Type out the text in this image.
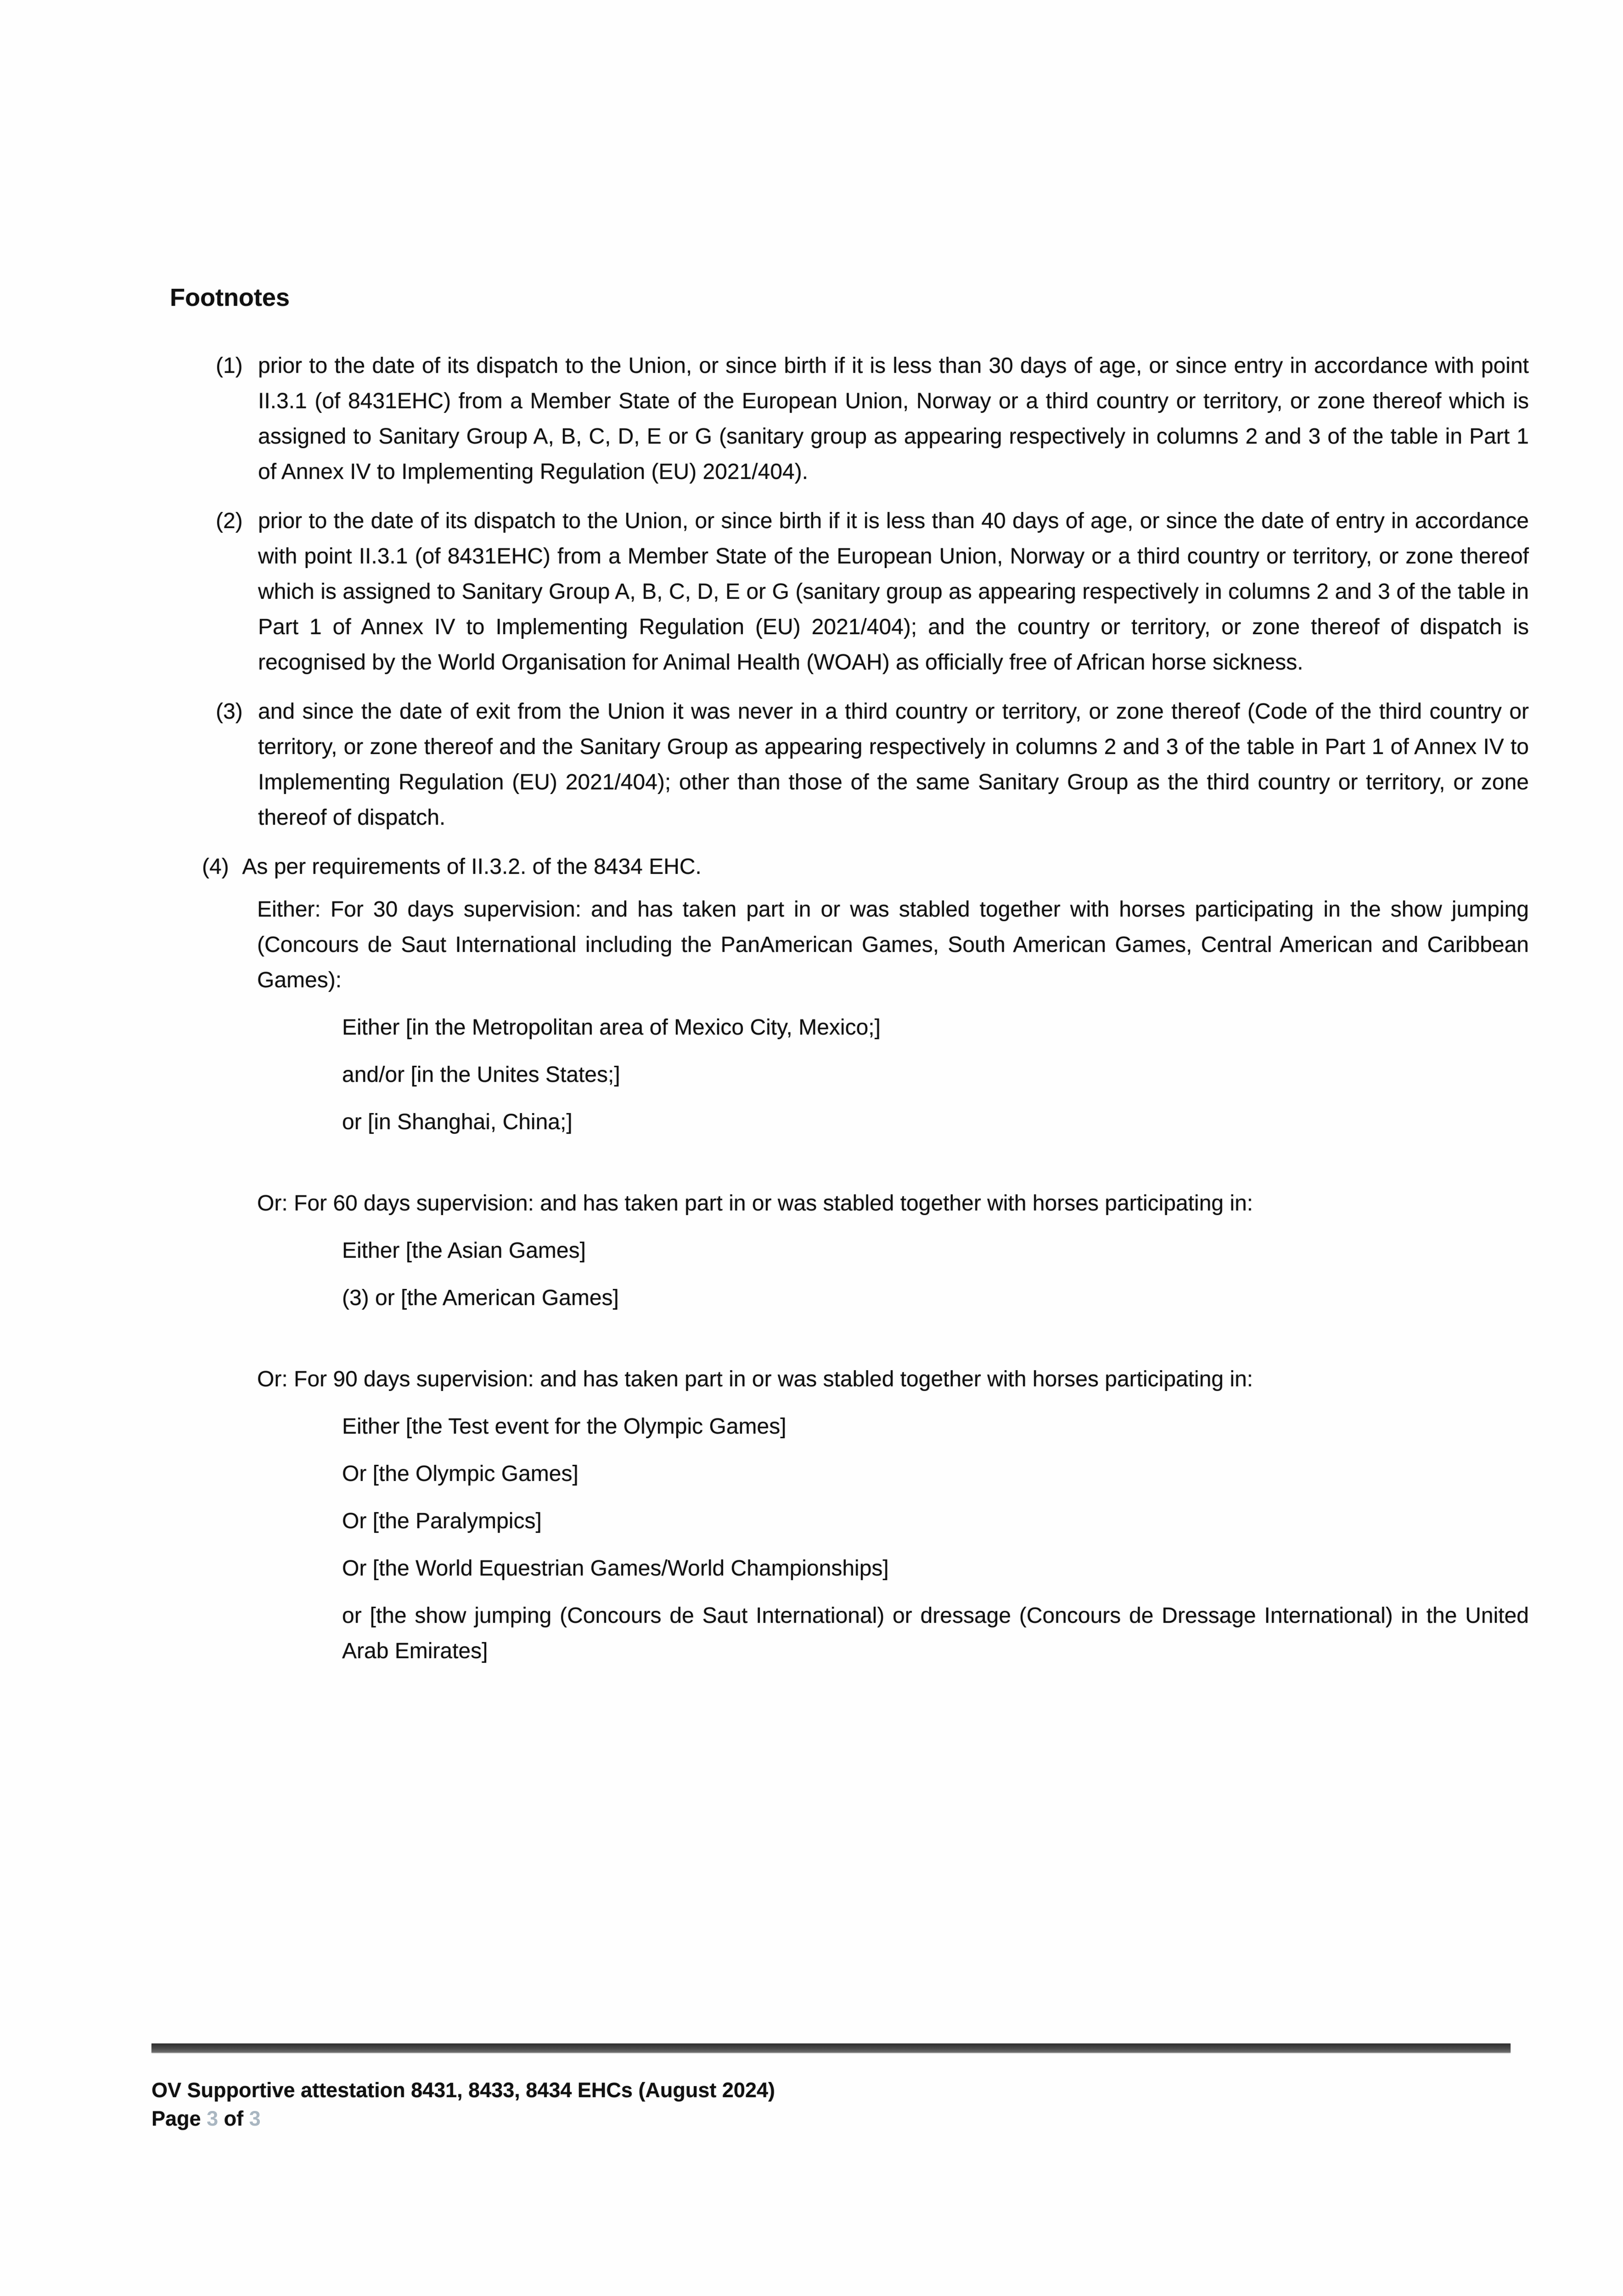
Footnotes
(1) prior to the date of its dispatch to the Union, or since birth if it is less than 30 days of age, or since entry in accordance with point II.3.1 (of 8431EHC) from a Member State of the European Union, Norway or a third country or territory, or zone thereof which is assigned to Sanitary Group A, B, C, D, E or G (sanitary group as appearing respectively in columns 2 and 3 of the table in Part 1 of Annex IV to Implementing Regulation (EU) 2021/404).

(2) prior to the date of its dispatch to the Union, or since birth if it is less than 40 days of age, or since the date of entry in accordance with point II.3.1 (of 8431EHC) from a Member State of the European Union, Norway or a third country or territory, or zone thereof which is assigned to Sanitary Group A, B, C, D, E or G (sanitary group as appearing respectively in columns 2 and 3 of the table in Part 1 of Annex IV to Implementing Regulation (EU) 2021/404); and the country or territory, or zone thereof of dispatch is recognised by the World Organisation for Animal Health (WOAH) as officially free of African horse sickness.

(3) and since the date of exit from the Union it was never in a third country or territory, or zone thereof (Code of the third country or territory, or zone thereof and the Sanitary Group as appearing respectively in columns 2 and 3 of the table in Part 1 of Annex IV to Implementing Regulation (EU) 2021/404); other than those of the same Sanitary Group as the third country or territory, or zone thereof of dispatch.

(4) As per requirements of II.3.2. of the 8434 EHC.

Either: For 30 days supervision: and has taken part in or was stabled together with horses participating in the show jumping (Concours de Saut International including the PanAmerican Games, South American Games, Central American and Caribbean Games):

Either [in the Metropolitan area of Mexico City, Mexico;]

and/or [in the Unites States;]

or [in Shanghai, China;]

Or: For 60 days supervision: and has taken part in or was stabled together with horses participating in:

Either [the Asian Games]

(3) or [the American Games]

Or: For 90 days supervision: and has taken part in or was stabled together with horses participating in:

Either [the Test event for the Olympic Games]

Or [the Olympic Games]

Or [the Paralympics]

Or [the World Equestrian Games/World Championships]

or [the show jumping (Concours de Saut International) or dressage (Concours de Dressage International) in the United Arab Emirates]

OV Supportive attestation 8431, 8433, 8434 EHCs (August 2024)

Page 3 of 3
